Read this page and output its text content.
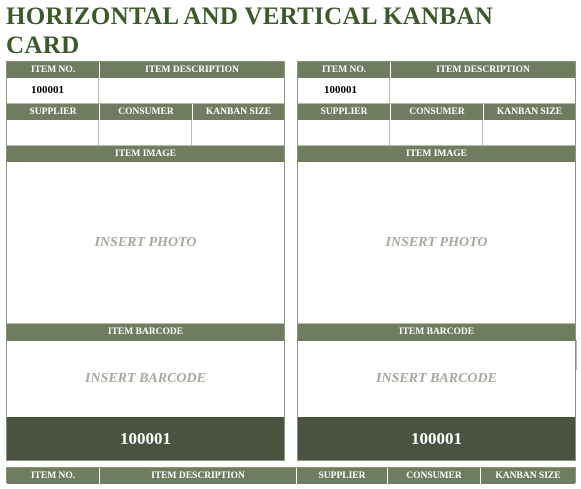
HORIZONTAL AND VERTICAL KANBAN CARD
ITEM NO.	ITEM DESCRIPTION
100001
SUPPLIER	CONSUMER	KANBAN SIZE
ITEM IMAGE
INSERT PHOTO
ITEM BARCODE
INSERT BARCODE
100001
ITEM NO.	ITEM DESCRIPTION
100001
SUPPLIER	CONSUMER	KANBAN SIZE
ITEM IMAGE
INSERT PHOTO
ITEM BARCODE
INSERT BARCODE
100001
ITEM NO.	ITEM DESCRIPTION	SUPPLIER	CONSUMER	KANBAN SIZE
